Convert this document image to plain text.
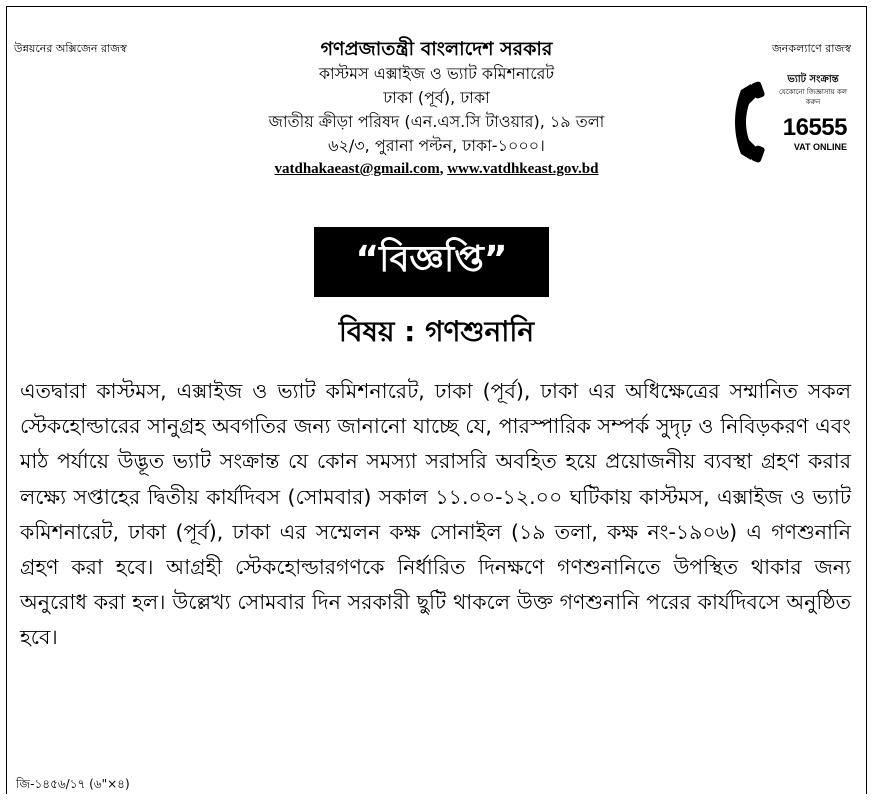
উন্নয়নের অক্সিজেন রাজস্ব	জনকল্যাণে রাজস্ব
গণপ্রজাতন্ত্রী বাংলাদেশ সরকার
কাস্টমস এক্সাইজ ও ভ্যাট কমিশনারেট
ঢাকা (পূর্ব), ঢাকা
জাতীয় ক্রীড়া পরিষদ (এন.এস.সি টাওয়ার), ১৯ তলা
৬২/৩, পুরানা পল্টন, ঢাকা-১০০০।
vatdhakaeast@gmail.com, www.vatdhkeast.gov.bd
ভ্যাট সংক্রান্ত
যেকোনো জিজ্ঞাসায় কল করুন
16555
VAT ONLINE
“বিজ্ঞপ্তি”
বিষয় : গণশুনানি
এতদ্বারা কাস্টমস, এক্সাইজ ও ভ্যাট কমিশনারেট, ঢাকা (পূর্ব), ঢাকা এর অধিক্ষেত্রের সম্মানিত সকল স্টেকহোল্ডারের সানুগ্রহ অবগতির জন্য জানানো যাচ্ছে যে, পারস্পারিক সম্পর্ক সুদৃঢ় ও নিবিড়করণ এবং মাঠ পর্যায়ে উদ্ভূত ভ্যাট সংক্রান্ত যে কোন সমস্যা সরাসরি অবহিত হয়ে প্রয়োজনীয় ব্যবস্থা গ্রহণ করার লক্ষ্যে সপ্তাহের দ্বিতীয় কার্যদিবস (সোমবার) সকাল ১১.০০-১২.০০ ঘটিকায় কাস্টমস, এক্সাইজ ও ভ্যাট কমিশনারেট, ঢাকা (পূর্ব), ঢাকা এর সম্মেলন কক্ষ সোনাইল (১৯ তলা, কক্ষ নং-১৯০৬) এ গণশুনানি গ্রহণ করা হবে। আগ্রহী স্টেকহোল্ডারগণকে নির্ধারিত দিনক্ষণে গণশুনানিতে উপস্থিত থাকার জন্য অনুরোধ করা হল। উল্লেখ্য সোমবার দিন সরকারী ছুটি থাকলে উক্ত গণশুনানি পরের কার্যদিবসে অনুষ্ঠিত হবে।
জি-১৪৫৬/১৭ (৬"×৪)
